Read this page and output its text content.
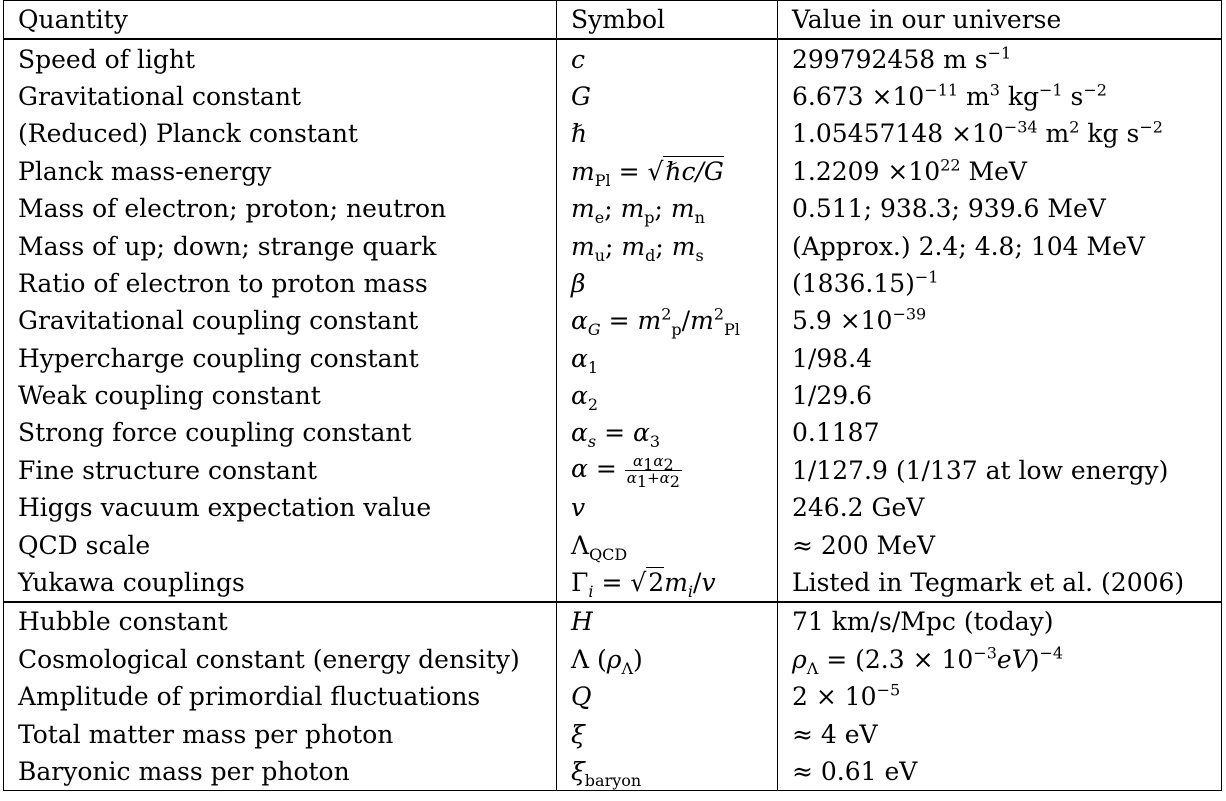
Quantity	Symbol	Value in our universe
Speed of light	c	299792458 m $s^{-1}$
Gravitational constant	G	$6.673 \times 10^{-11}$ $m^3$ $kg^{-1}$ $s^{-2}$
(Reduced) Planck constant	ℏ	$1.05457148 \times 10^{-34}$ $m^2$ kg $s^{-2}$
Planck mass-energy	$m_{Pl}$ = √ℏc/G	$1.2209 \times 10^{22}$ MeV
Mass of electron; proton; neutron	$m_e$; $m_p$; $m_n$	0.511; 938.3; 939.6 MeV
Mass of up; down; strange quark	$m_u$; $m_d$; $m_s$	(Approx.) 2.4; 4.8; 104 MeV
Ratio of electron to proton mass	β	$(1836.15)^{-1}$
Gravitational coupling constant	$\alpha_G = m^2_p/m^2_{Pl}$	$5.9 \times 10^{-39}$
Hypercharge coupling constant	$\alpha_1$	1/98.4
Weak coupling constant	$\alpha_2$	1/29.6
Strong force coupling constant	$\alpha_s = \alpha_3$	0.1187
Fine structure constant	$\alpha = \frac{\alpha_1\alpha_2}{\alpha_1+\alpha_2}$	1/127.9 (1/137 at low energy)
Higgs vacuum expectation value	v	246.2 GeV
QCD scale	$\Lambda_{QCD}$	≈ 200 MeV
Yukawa couplings	$\Gamma_i = √2m_i/v$	Listed in Tegmark et al. (2006)
Hubble constant	H	71 km/s/Mpc (today)
Cosmological constant (energy density)	Λ $(\rho_\Lambda)$	$\rho_\Lambda = (2.3 \times 10^{-3}eV)^{-4}$
Amplitude of primordial fluctuations	Q	$2 \times 10^{-5}$
Total matter mass per photon	ξ	≈ 4 eV
Baryonic mass per photon	$\xi_{baryon}$	≈ 0.61 eV
